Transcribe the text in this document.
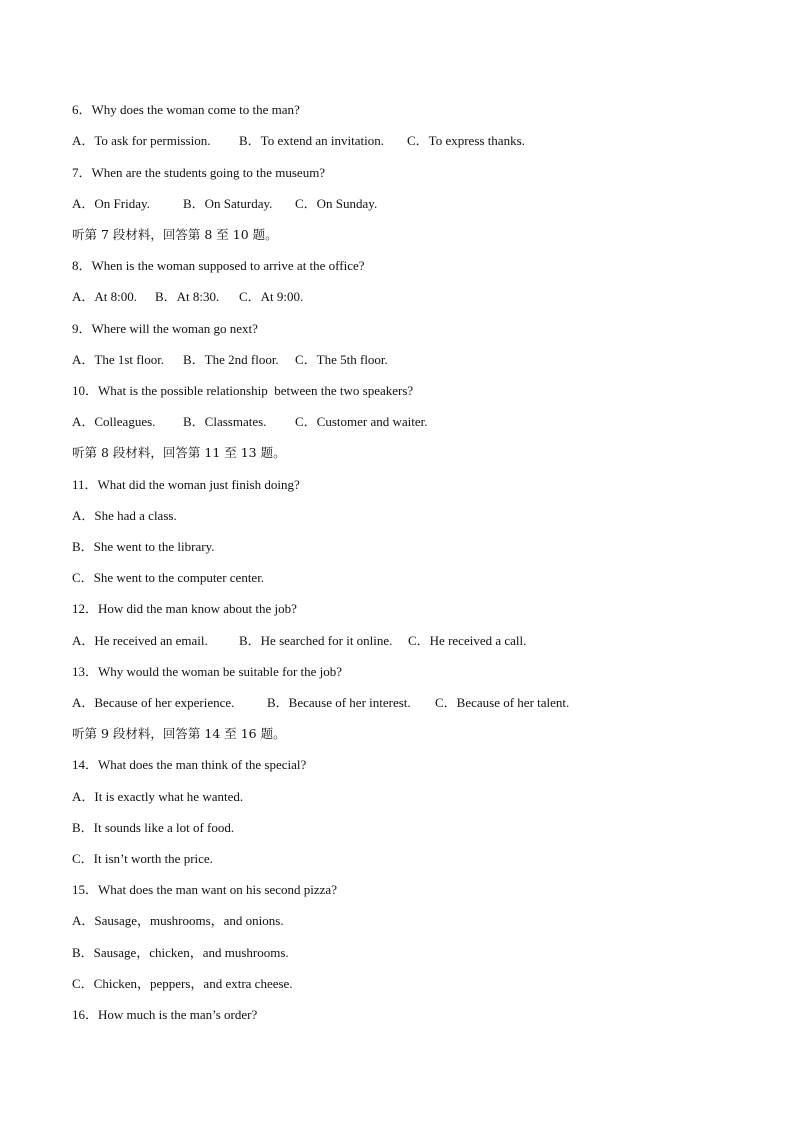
6．Why does the woman come to the man?

A．To ask for permission.

B．To extend an invitation.

C．To express thanks.

7．When are the students going to the museum?

A．On Friday.

	B．On Saturday.

C．On Sunday.

听第 7 段材料，回答第 8 至 10 题。
8．When is the woman supposed to arrive at the office?

A．At 8:00.

B．At 8:30.

C．At 9:00.

9．Where will the woman go next?

A．The 1st floor.

B．The 2nd floor.

C．The 5th floor.

10．What is the possible relationship  between the two speakers?

A．Colleagues.

B．Classmates.

C．Customer and waiter.

听第 8 段材料，回答第 11 至 13 题。
11．What did the woman just finish doing?
A．She had a class.
B．She went to the library.
C．She went to the computer center.
12．How did the man know about the job?

A．He received an email.

B．He searched for it online.

C．He received a call.

13．Why would the woman be suitable for the job?

A．Because of her experience.

	B．Because of her interest.

C．Because of her talent.

听第 9 段材料，回答第 14 至 16 题。
14．What does the man think of the special?
A．It is exactly what he wanted.
B．It sounds like a lot of food.
C．It isn’t worth the price.
15．What does the man want on his second pizza?
A．Sausage，mushrooms，and onions.
B．Sausage，chicken，and mushrooms.
C．Chicken，peppers，and extra cheese.
16．How much is the man’s order?
